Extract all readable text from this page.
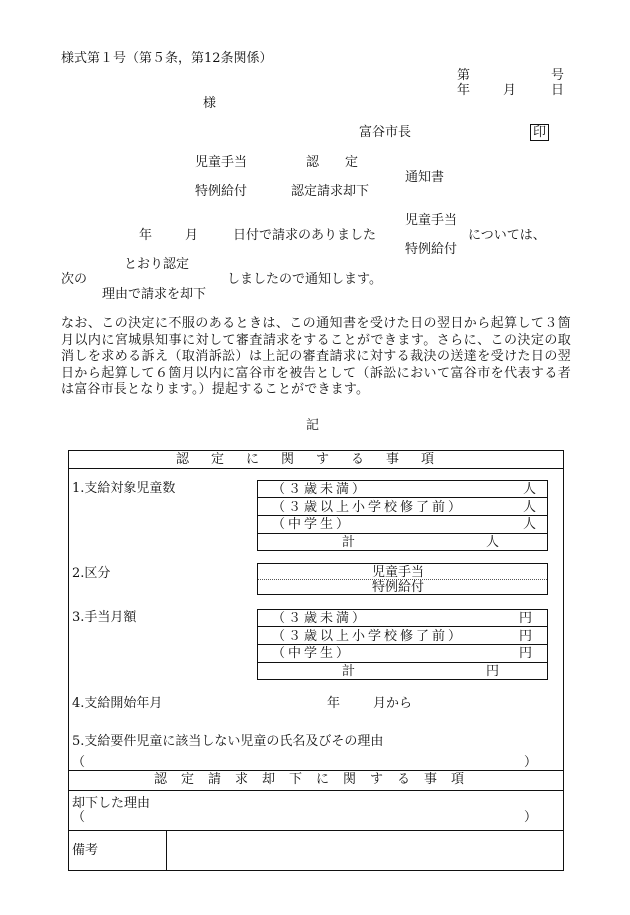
様式第１号（第５条，第12条関係）
第	号
年	月	日
様
富谷市長	印
児童手当	認　　定
通知書
特例給付	認定請求却下
児童手当
年	月	日付で請求のありました	については、
特例給付
とおり認定
次の	しましたので通知します。
理由で請求を却下
なお、この決定に不服のあるときは、この通知書を受けた日の翌日から起算して３箇月以内に宮城県知事に対して審査請求をすることができます。さらに、この決定の取消しを求める訴え（取消訴訟）は上記の審査請求に対する裁決の送達を受けた日の翌日から起算して６箇月以内に富谷市を被告として（訴訟において富谷市を代表する者は富谷市長となります。）提起することができます。
記
認定に関する事項
1.支給対象児童数	（３歳未満）	人
（３歳以上小学校修了前）	人
（中学生）	人
計	人
2.区分	児童手当
特例給付
3.手当月額	（３歳未満）	円
（３歳以上小学校修了前）	円
（中学生）	円
計	円
4.支給開始年月	年	月から
5.支給要件児童に該当しない児童の氏名及びその理由
（	）
認定請求却下に関する事項
却下した理由
（	）
備考
